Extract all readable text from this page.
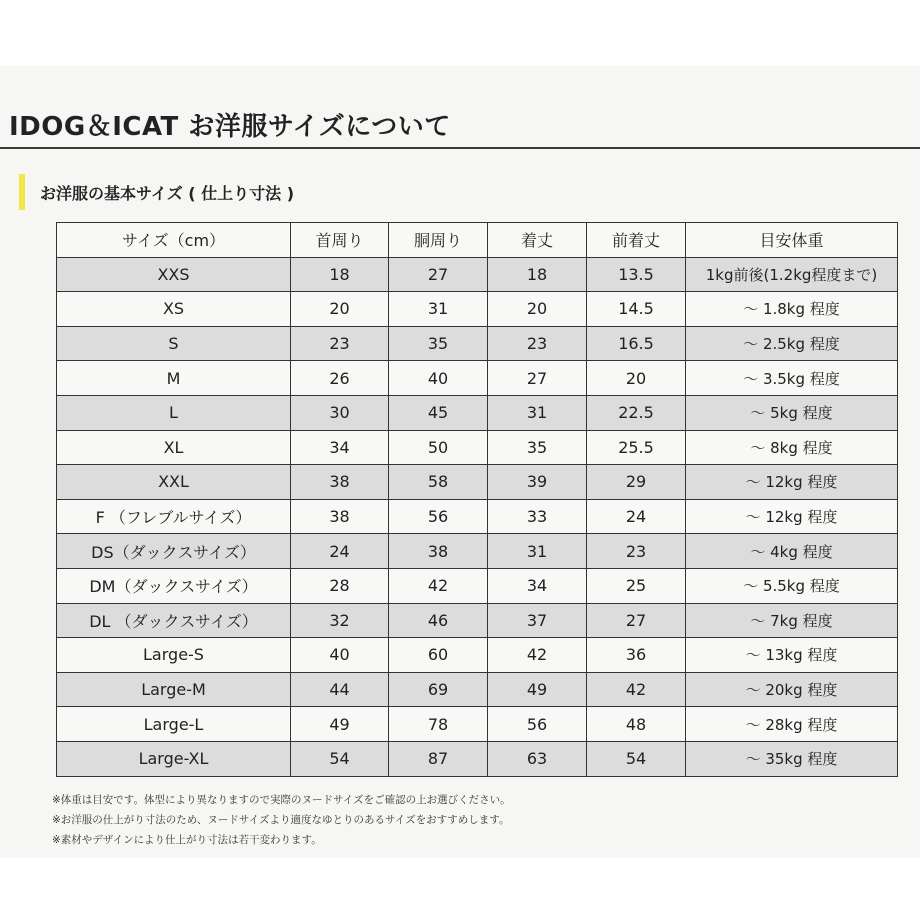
IDOG＆ICAT お洋服サイズについて
お洋服の基本サイズ ( 仕上り寸法 )
サイズ（cm）	首周り	胴周り	着丈	前着丈	目安体重
XXS	18	27	18	13.5	1kg前後(1.2kg程度まで)
XS	20	31	20	14.5	～ 1.8kg 程度
S	23	35	23	16.5	～ 2.5kg 程度
M	26	40	27	20	～ 3.5kg 程度
L	30	45	31	22.5	～ 5kg 程度
XL	34	50	35	25.5	～ 8kg 程度
XXL	38	58	39	29	～ 12kg 程度
F （フレブルサイズ）	38	56	33	24	～ 12kg 程度
DS（ダックスサイズ）	24	38	31	23	～ 4kg 程度
DM（ダックスサイズ）	28	42	34	25	～ 5.5kg 程度
DL （ダックスサイズ）	32	46	37	27	～ 7kg 程度
Large-S	40	60	42	36	～ 13kg 程度
Large-M	44	69	49	42	～ 20kg 程度
Large-L	49	78	56	48	～ 28kg 程度
Large-XL	54	87	63	54	～ 35kg 程度
※体重は目安です。体型により異なりますので実際のヌードサイズをご確認の上お選びください。
※お洋服の仕上がり寸法のため、ヌードサイズより適度なゆとりのあるサイズをおすすめします。
※素材やデザインにより仕上がり寸法は若干変わります。
